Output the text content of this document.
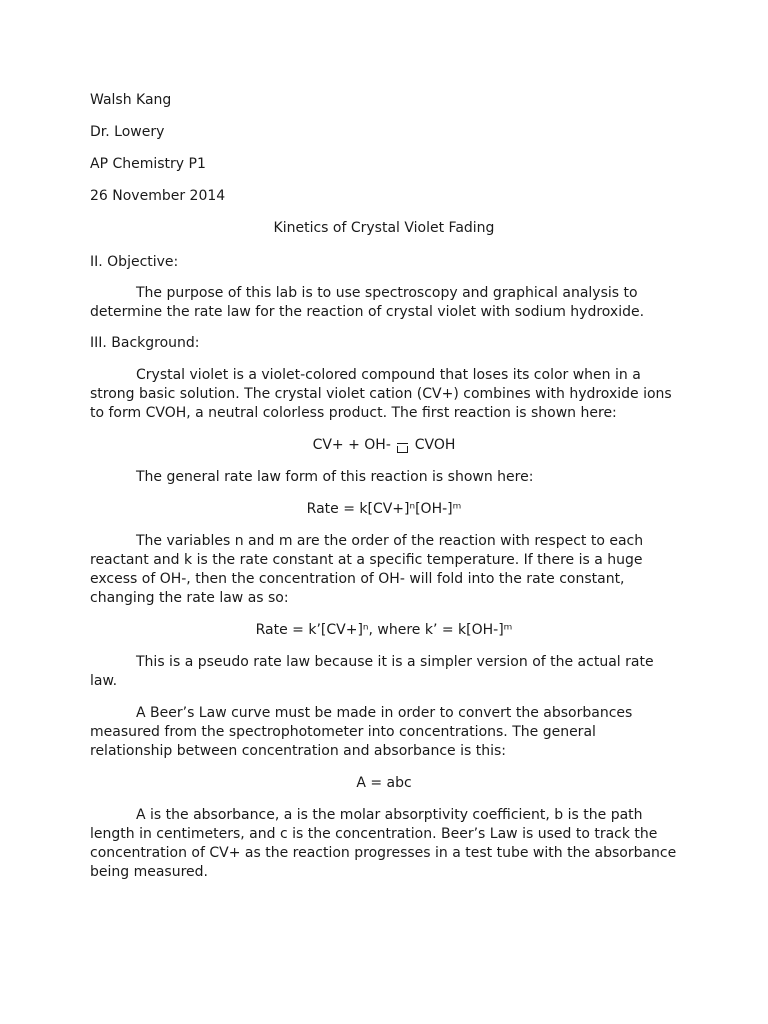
Walsh Kang
Dr. Lowery
AP Chemistry P1
26 November 2014
Kinetics of Crystal Violet Fading
II. Objective:

The purpose of this lab is to use spectroscopy and graphical analysis to determine the rate law for the reaction of crystal violet with sodium hydroxide.

III. Background:

Crystal violet is a violet-colored compound that loses its color when in a strong basic solution. The crystal violet cation (CV+) combines with hydroxide ions to form CVOH, a neutral colorless product. The first reaction is shown here:

CV+ + OH- CVOH

The general rate law form of this reaction is shown here:

Rate = k[CV+]ⁿ[OH-]ᵐ

The variables n and m are the order of the reaction with respect to each reactant and k is the rate constant at a specific temperature. If there is a huge excess of OH-, then the concentration of OH- will fold into the rate constant, changing the rate law as so:

Rate = k’[CV+]ⁿ, where k’ = k[OH-]ᵐ

This is a pseudo rate law because it is a simpler version of the actual rate law.

A Beer’s Law curve must be made in order to convert the absorbances measured from the spectrophotometer into concentrations. The general relationship between concentration and absorbance is this:

A = abc

A is the absorbance, a is the molar absorptivity coefficient, b is the path length in centimeters, and c is the concentration. Beer’s Law is used to track the concentration of CV+ as the reaction progresses in a test tube with the absorbance being measured.
